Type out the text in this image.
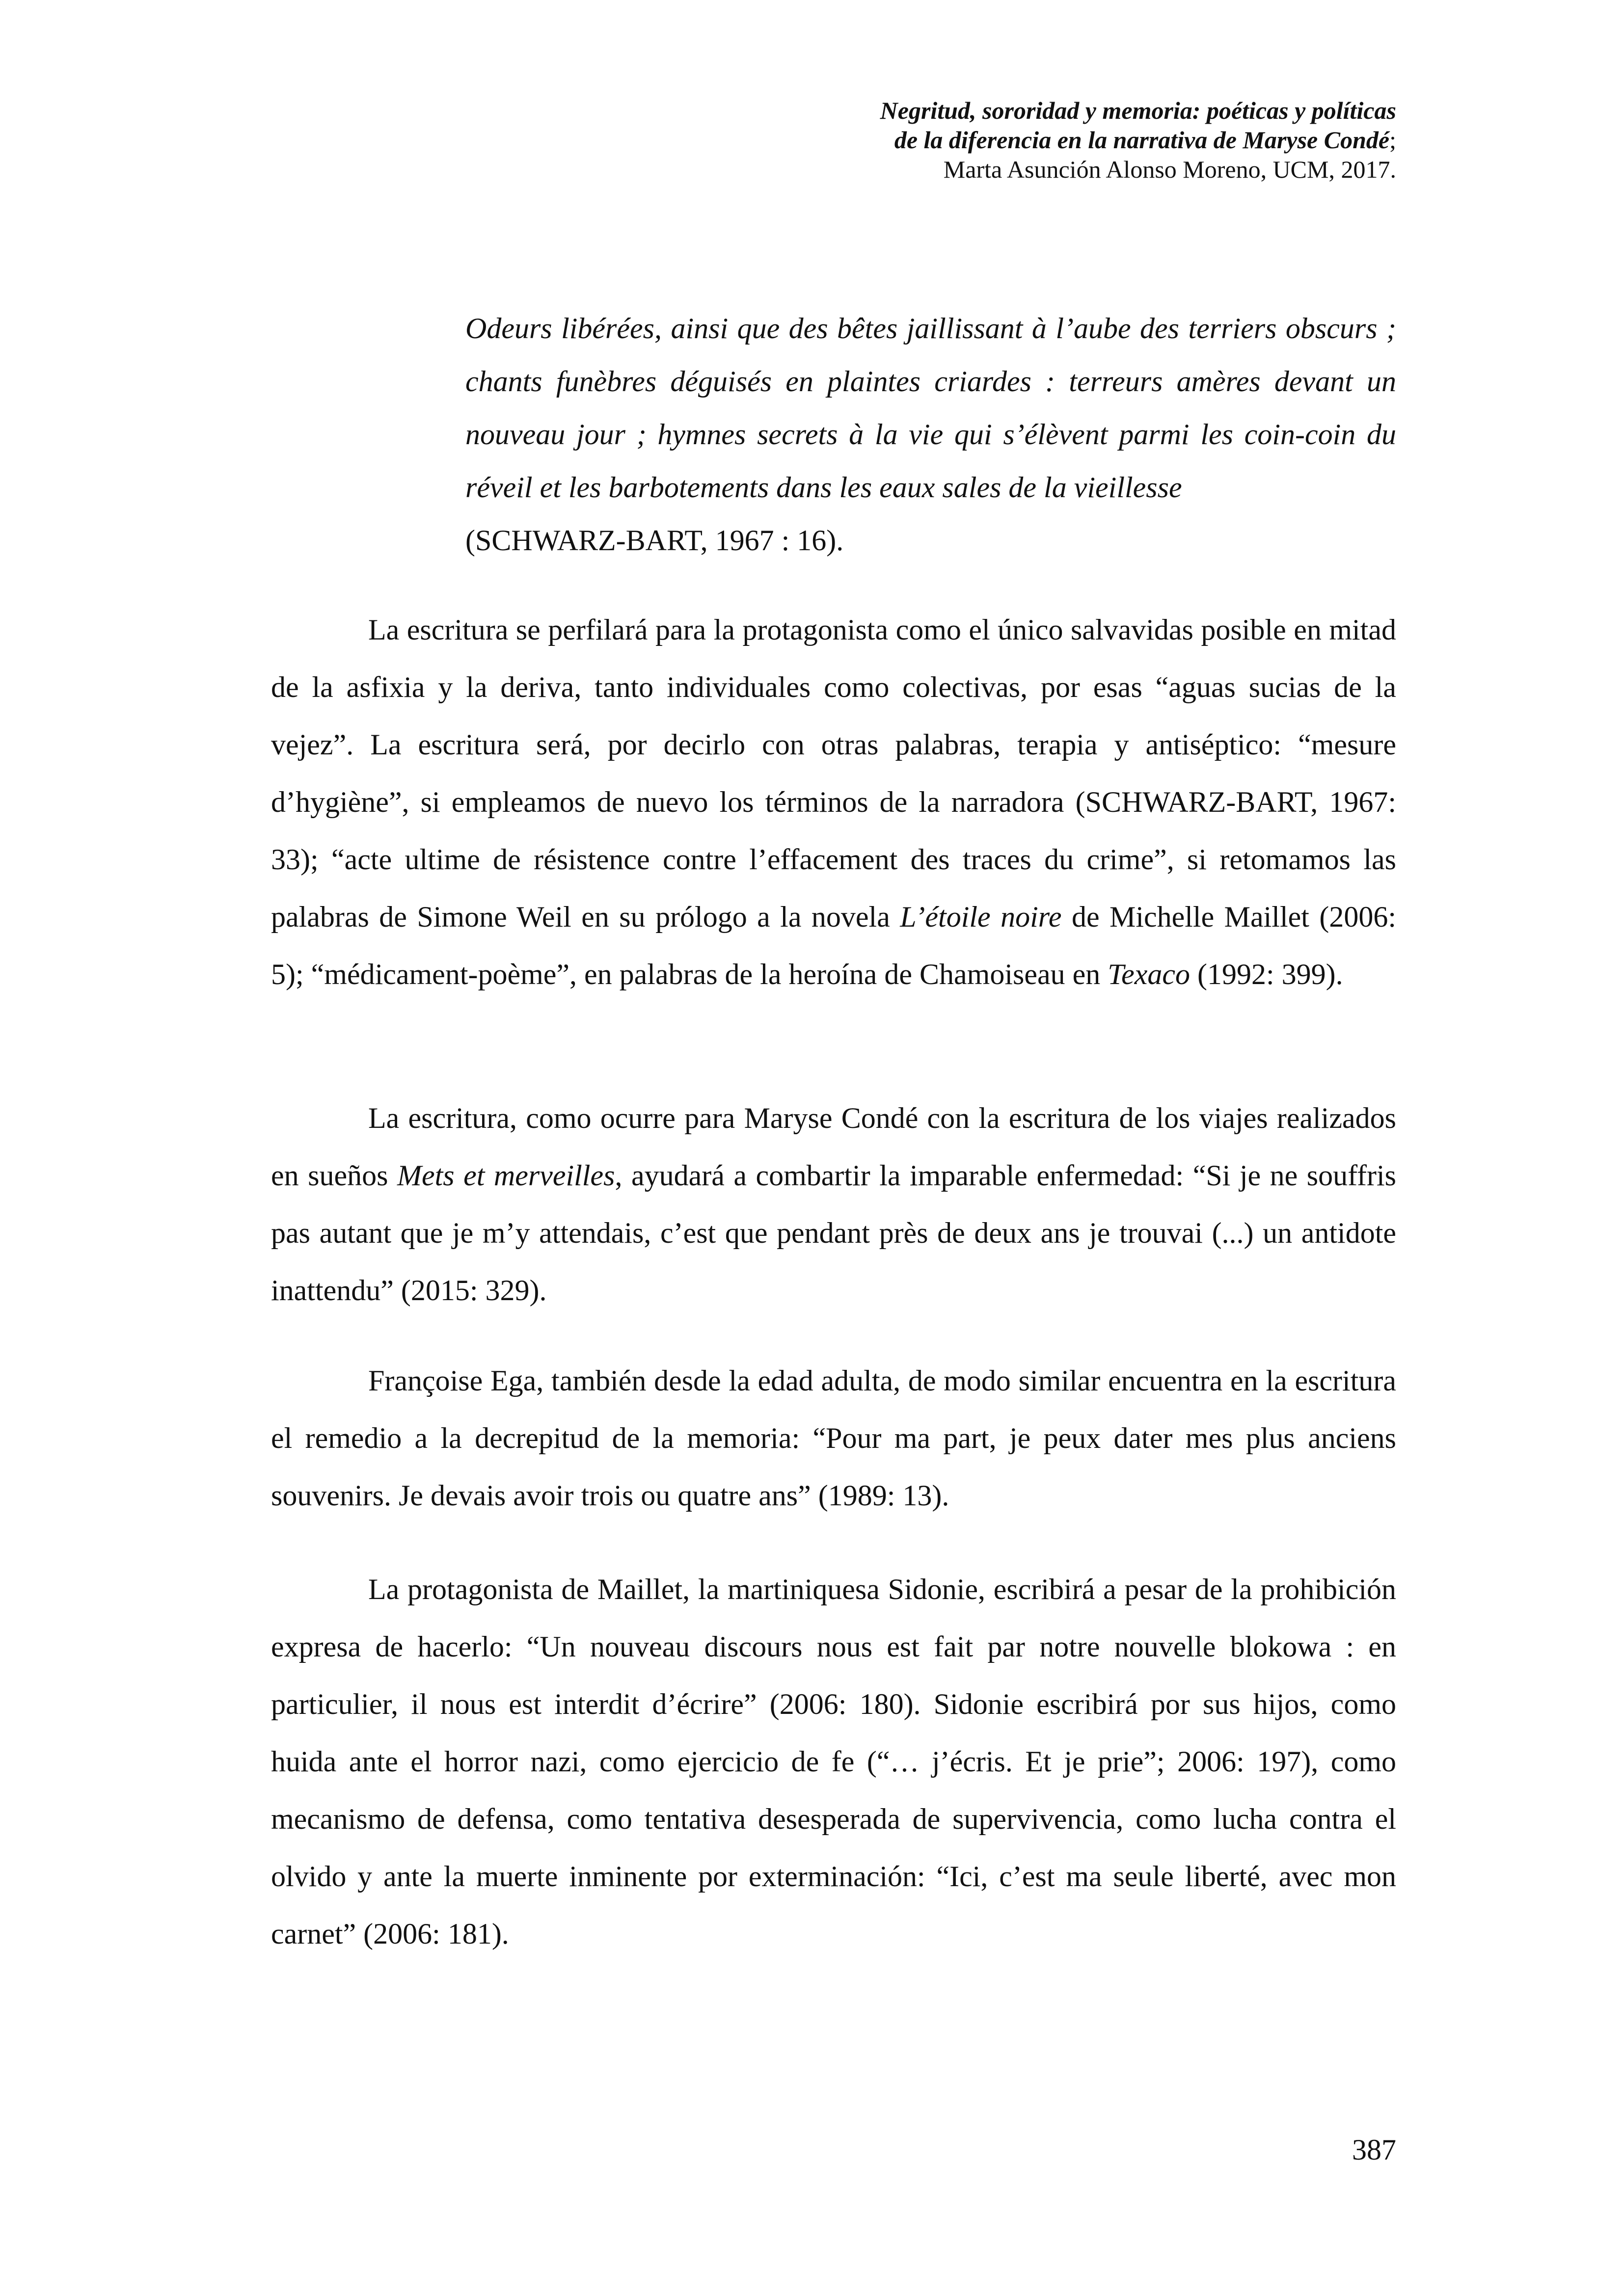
Negritud, sororidad y memoria: poéticas y políticas
de la diferencia en la narrativa de Maryse Condé;
Marta Asunción Alonso Moreno, UCM, 2017.

Odeurs libérées, ainsi que des bêtes jaillissant à l’aube des terriers obscurs ; chants funèbres déguisés en plaintes criardes : terreurs amères devant un nouveau jour ; hymnes secrets à la vie qui s’élèvent parmi les coin-coin du réveil et les barbotements dans les eaux sales de la vieillesse
(SCHWARZ-BART, 1967 : 16).

La escritura se perfilará para la protagonista como el único salvavidas posible en mitad de la asfixia y la deriva, tanto individuales como colectivas, por esas “aguas sucias de la vejez”. La escritura será, por decirlo con otras palabras, terapia y antiséptico: “mesure d’hygiène”, si empleamos de nuevo los términos de la narradora (SCHWARZ-BART, 1967: 33); “acte ultime de résistence contre l’effacement des traces du crime”, si retomamos las palabras de Simone Weil en su prólogo a la novela L’étoile noire de Michelle Maillet (2006: 5); “médicament-poème”, en palabras de la heroína de Chamoiseau en Texaco (1992: 399).

La escritura, como ocurre para Maryse Condé con la escritura de los viajes realizados en sueños Mets et merveilles, ayudará a combartir la imparable enfermedad: “Si je ne souffris pas autant que je m’y attendais, c’est que pendant près de deux ans je trouvai (...) un antidote inattendu” (2015: 329).

Françoise Ega, también desde la edad adulta, de modo similar encuentra en la escritura el remedio a la decrepitud de la memoria: “Pour ma part, je peux dater mes plus anciens souvenirs. Je devais avoir trois ou quatre ans” (1989: 13).

La protagonista de Maillet, la martiniquesa Sidonie, escribirá a pesar de la prohibición expresa de hacerlo: “Un nouveau discours nous est fait par notre nouvelle blokowa : en particulier, il nous est interdit d’écrire” (2006: 180). Sidonie escribirá por sus hijos, como huida ante el horror nazi, como ejercicio de fe (“… j’écris. Et je prie”; 2006: 197), como mecanismo de defensa, como tentativa desesperada de supervivencia, como lucha contra el olvido y ante la muerte inminente por exterminación: “Ici, c’est ma seule liberté, avec mon carnet” (2006: 181).

387
